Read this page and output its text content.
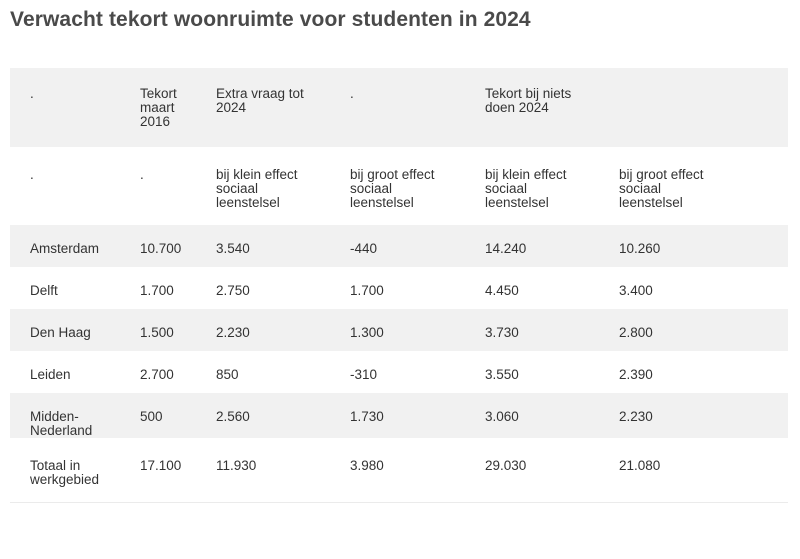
Verwacht tekort woonruimte voor studenten in 2024
.	Tekort maart 2016	Extra vraag tot 2024	.	Tekort bij niets doen 2024	

.	.	bij klein effect sociaal leenstelsel	bij groot effect sociaal leenstelsel	bij klein effect sociaal leenstelsel	bij groot effect sociaal leenstelsel

Amsterdam	10.700	3.540	-440	14.240	10.260

Delft	1.700	2.750	1.700	4.450	3.400

Den Haag	1.500	2.230	1.300	3.730	2.800

Leiden	2.700	850	-310	3.550	2.390

Midden-Nederland	500	2.560	1.730	3.060	2.230

Totaal in werkgebied	17.100	11.930	3.980	29.030	21.080
